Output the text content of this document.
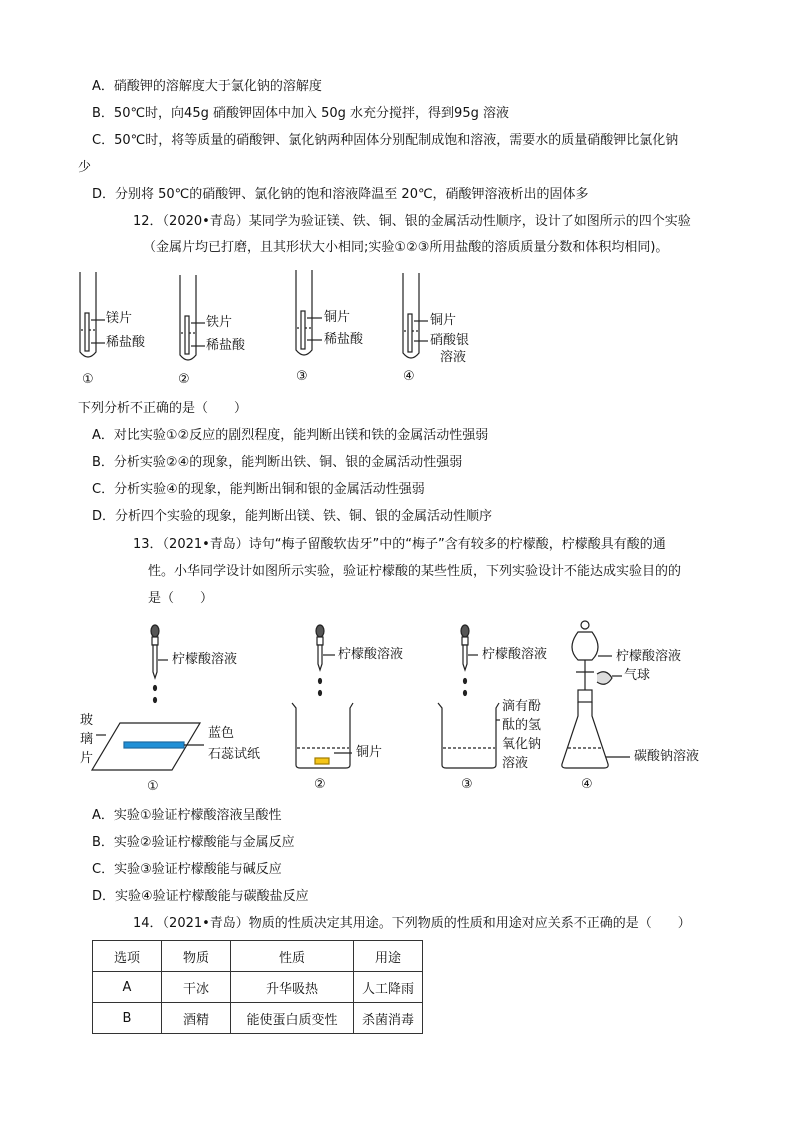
A．硝酸钾的溶解度大于氯化钠的溶解度
B．50℃时，向45g 硝酸钾固体中加入 50g 水充分搅拌，得到95g 溶液
C．50℃时，将等质量的硝酸钾、氯化钠两种固体分别配制成饱和溶液，需要水的质量硝酸钾比氯化钠
少
D．分别将 50℃的硝酸钾、氯化钠的饱和溶液降温至 20℃，硝酸钾溶液析出的固体多
12．（2020•青岛）某同学为验证镁、铁、铜、银的金属活动性顺序，设计了如图所示的四个实验
（金属片均已打磨，且其形状大小相同;实验①②③所用盐酸的溶质质量分数和体积均相同)。
镁片
稀盐酸
①
铁片
稀盐酸
②
铜片
稀盐酸
③
铜片
硝酸银
溶液
④
下列分析不正确的是（　　）
A．对比实验①②反应的剧烈程度，能判断出镁和铁的金属活动性强弱
B．分析实验②④的现象，能判断出铁、铜、银的金属活动性强弱
C．分析实验④的现象，能判断出铜和银的金属活动性强弱
D．分析四个实验的现象，能判断出镁、铁、铜、银的金属活动性顺序
13．（2021•青岛）诗句“梅子留酸软齿牙”中的“梅子”含有较多的柠檬酸，柠檬酸具有酸的通
性。小华同学设计如图所示实验，验证柠檬酸的某些性质，下列实验设计不能达成实验目的的
是（　　）
柠檬酸溶液	柠檬酸溶液	柠檬酸溶液	柠檬酸溶液
玻
璃
片
蓝色
石蕊试纸
①
铜片
②
滴有酚
酞的氢
氧化钠
溶液
③
气球
碳酸钠溶液
④
A．实验①验证柠檬酸溶液呈酸性
B．实验②验证柠檬酸能与金属反应
C．实验③验证柠檬酸能与碱反应
D．实验④验证柠檬酸能与碳酸盐反应
14．（2021•青岛）物质的性质决定其用途。下列物质的性质和用途对应关系不正确的是（　　）
选项	物质	性质	用途
A	干冰	升华吸热	人工降雨
B	酒精	能使蛋白质变性	杀菌消毒
